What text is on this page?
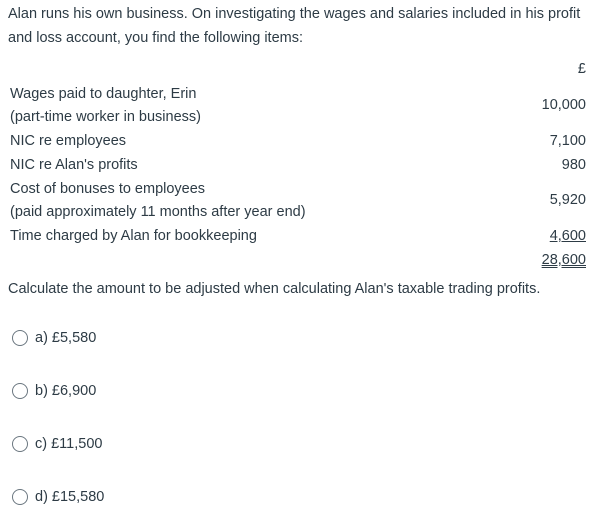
Alan runs his own business. On investigating the wages and salaries included in his profit and loss account, you find the following items:

£
Wages paid to daughter, Erin
(part-time worker in business)
10,000
NIC re employees	7,100
NIC re Alan's profits	980
Cost of bonuses to employees
(paid approximately 11 months after year end)
5,920
Time charged by Alan for bookkeeping	4,600
28,600

Calculate the amount to be adjusted when calculating Alan's taxable trading profits.

a) £5,580
b) £6,900
c) £11,500
d) £15,580
